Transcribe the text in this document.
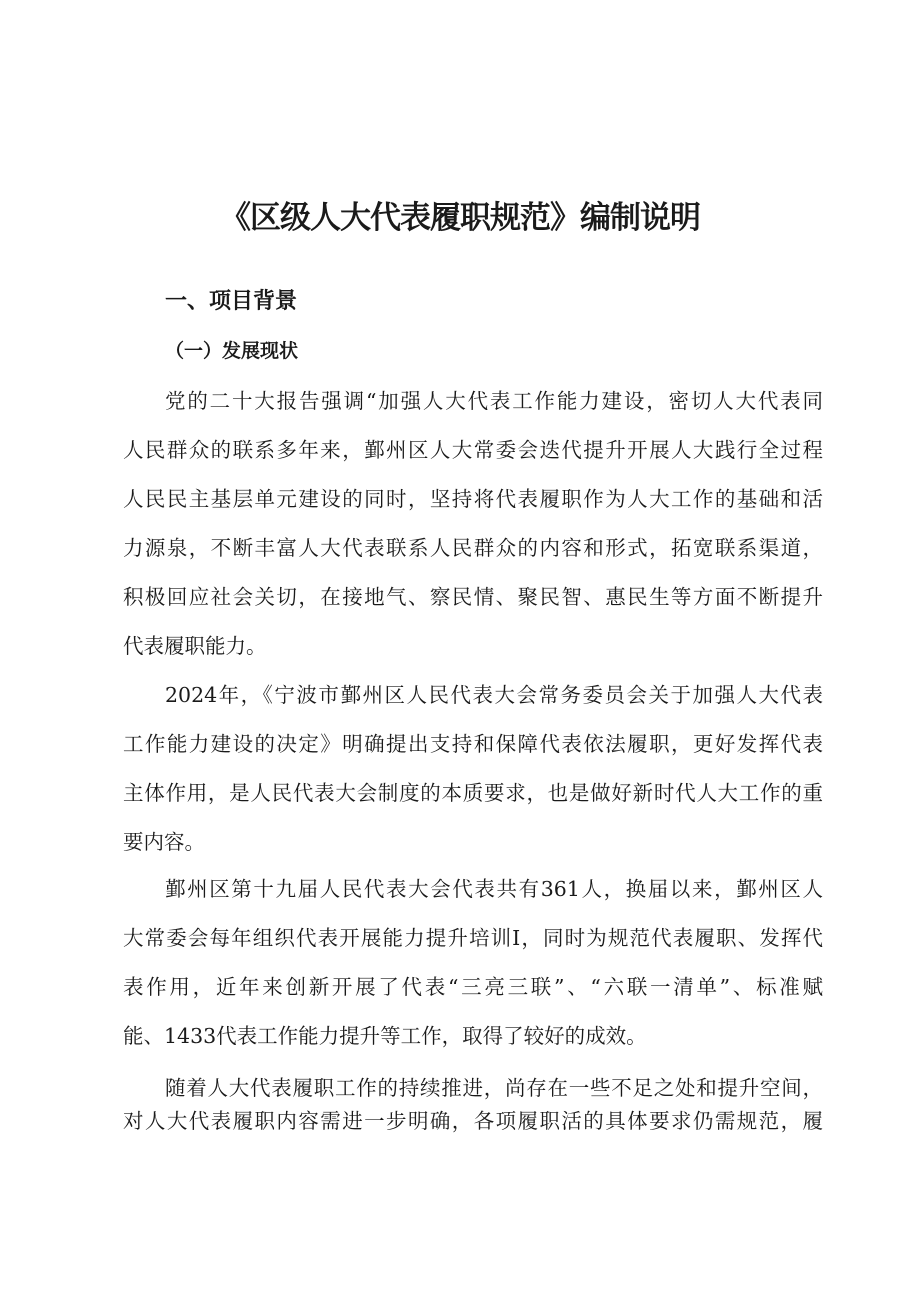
《区级人大代表履职规范》编制说明
一、项目背景
（一）发展现状

党的二十大报告强调“加强人大代表工作能力建设，密切人大代表同

人民群众的联系多年来，鄞州区人大常委会迭代提升开展人大践行全过程

人民民主基层单元建设的同时，坚持将代表履职作为人大工作的基础和活

力源泉，不断丰富人大代表联系人民群众的内容和形式，拓宽联系渠道，

积极回应社会关切，在接地气、察民情、聚民智、惠民生等方面不断提升

代表履职能力。

2024年，《宁波市鄞州区人民代表大会常务委员会关于加强人大代表

工作能力建设的决定》明确提出支持和保障代表依法履职，更好发挥代表

主体作用，是人民代表大会制度的本质要求，也是做好新时代人大工作的重

要内容。

鄞州区第十九届人民代表大会代表共有361人，换届以来，鄞州区人

大常委会每年组织代表开展能力提升培训I，同时为规范代表履职、发挥代

表作用，近年来创新开展了代表“三亮三联”、“六联一清单”、标准赋

能、1433代表工作能力提升等工作，取得了较好的成效。

随着人大代表履职工作的持续推进，尚存在一些不足之处和提升空间，

对人大代表履职内容需进一步明确，各项履职活的具体要求仍需规范，履
